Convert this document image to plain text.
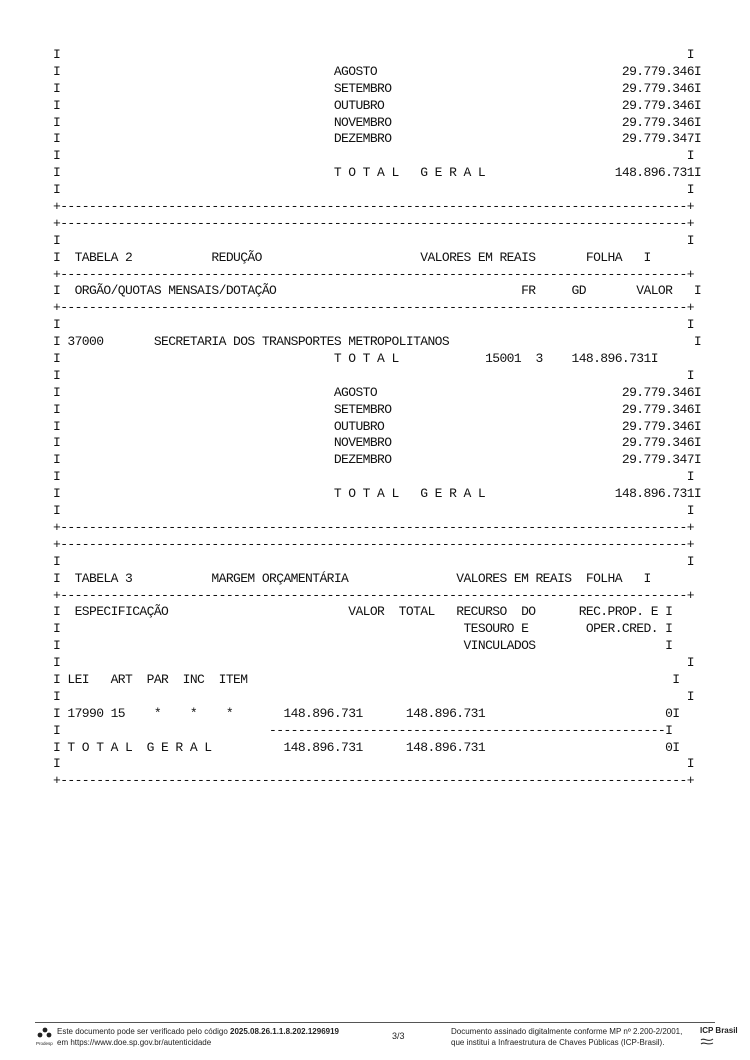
I                                                                                       I
I                                      AGOSTO                                  29.779.346I
I                                      SETEMBRO                                29.779.346I
I                                      OUTUBRO                                 29.779.346I
I                                      NOVEMBRO                                29.779.346I
I                                      DEZEMBRO                                29.779.347I
I                                                                                       I
I                                      T O T A L   G E R A L                  148.896.731I
I                                                                                       I
+---------------------------------------------------------------------------------------+
+---------------------------------------------------------------------------------------+
I                                                                                       I
I  TABELA 2           REDUÇÃO                      VALORES EM REAIS       FOLHA   I
+---------------------------------------------------------------------------------------+
I  ORGÃO/QUOTAS MENSAIS/DOTAÇÃO                                  FR     GD       VALOR   I
+---------------------------------------------------------------------------------------+
I                                                                                       I
I 37000       SECRETARIA DOS TRANSPORTES METROPOLITANOS                                  I
I                                      T O T A L            15001  3    148.896.731I
I                                                                                       I
I                                      AGOSTO                                  29.779.346I
I                                      SETEMBRO                                29.779.346I
I                                      OUTUBRO                                 29.779.346I
I                                      NOVEMBRO                                29.779.346I
I                                      DEZEMBRO                                29.779.347I
I                                                                                       I
I                                      T O T A L   G E R A L                  148.896.731I
I                                                                                       I
+---------------------------------------------------------------------------------------+
+---------------------------------------------------------------------------------------+
I                                                                                       I
I  TABELA 3           MARGEM ORÇAMENTÁRIA               VALORES EM REAIS  FOLHA   I
+---------------------------------------------------------------------------------------+
I  ESPECIFICAÇÃO                         VALOR  TOTAL   RECURSO  DO      REC.PROP. E I
I                                                        TESOURO E        OPER.CRED. I
I                                                        VINCULADOS                  I
I                                                                                       I
I LEI   ART  PAR  INC  ITEM                                                           I
I                                                                                       I
I 17990 15    *    *    *       148.896.731      148.896.731                         0I
I                             -------------------------------------------------------I
I T O T A L  G E R A L          148.896.731      148.896.731                         0I
I                                                                                       I
+---------------------------------------------------------------------------------------+
Prodesp
Este documento pode ser verificado pelo código 2025.08.26.1.1.8.202.1296919
em https://www.doe.sp.gov.br/autenticidade
3/3	Documento assinado digitalmente conforme MP nº 2.200-2/2001,
que institui a Infraestrutura de Chaves Públicas (ICP-Brasil).
ICP Brasil
